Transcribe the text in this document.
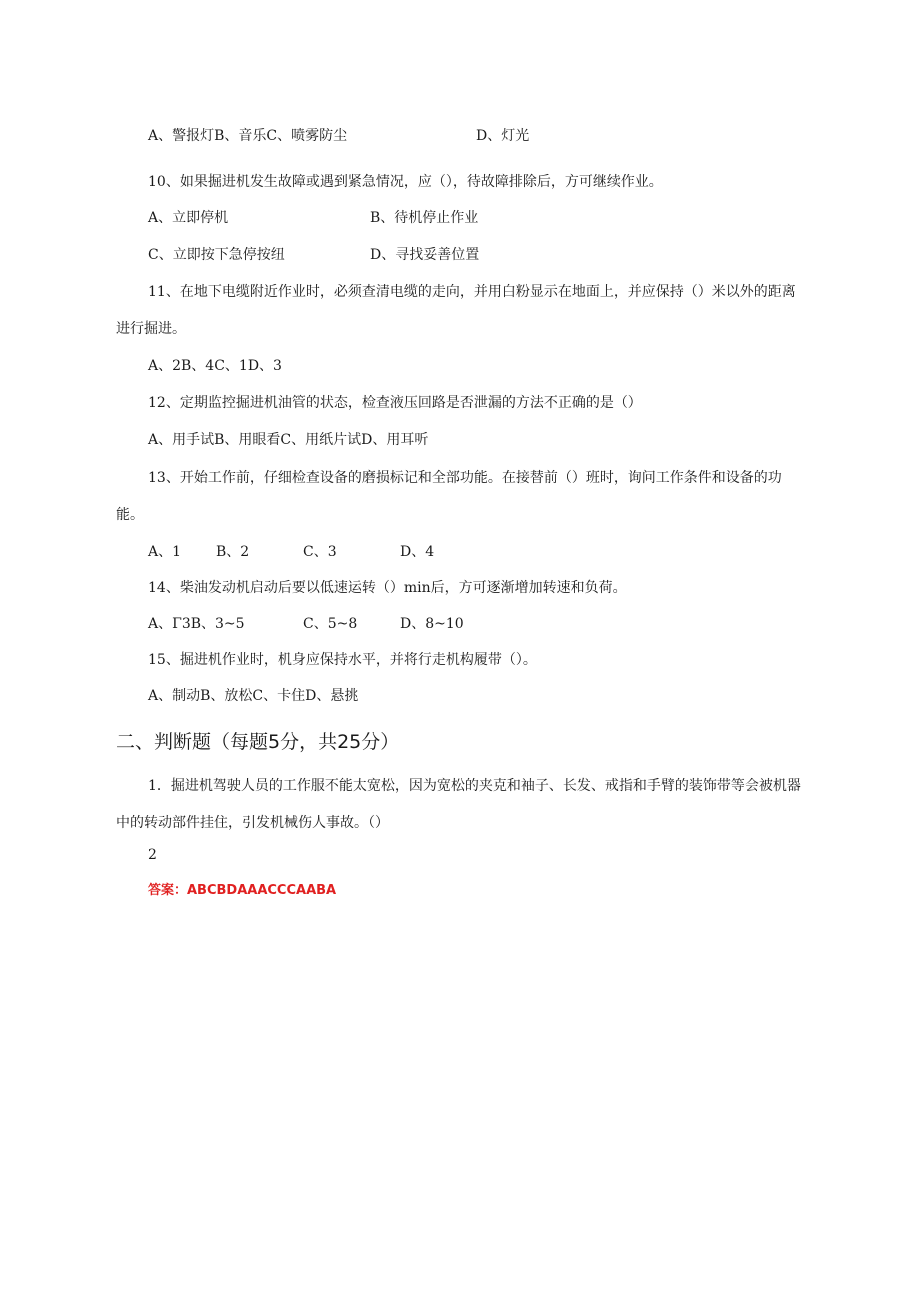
A、警报灯B、音乐C、喷雾防尘	D、灯光
10、如果掘进机发生故障或遇到紧急情况，应（），待故障排除后，方可继续作业。
A、立即停机	B、待机停止作业
C、立即按下急停按纽	D、寻找妥善位置
11、在地下电缆附近作业时，必须查清电缆的走向，并用白粉显示在地面上，并应保持（）米以外的距离进行掘进。
A、2B、4C、1D、3
12、定期监控掘进机油管的状态，检查液压回路是否泄漏的方法不正确的是（）
A、用手试B、用眼看C、用纸片试D、用耳听
13、开始工作前，仔细检查设备的磨损标记和全部功能。在接替前（）班时，询问工作条件和设备的功能。
A、1 B、2	C、3	D、4
14、柴油发动机启动后要以低速运转（）min后，方可逐渐增加转速和负荷。
A、Γ3B、3~5	C、5~8	D、8~10
15、掘进机作业时，机身应保持水平，并将行走机构履带（）。
A、制动B、放松C、卡住D、悬挑
二、判断题（每题5分，共25分）
1．掘进机驾驶人员的工作服不能太宽松，因为宽松的夹克和袖子、长发、戒指和手臂的装饰带等会被机器中的转动部件挂住，引发机械伤人事故。（）
2
答案：ABCBDAAACCCAABA
